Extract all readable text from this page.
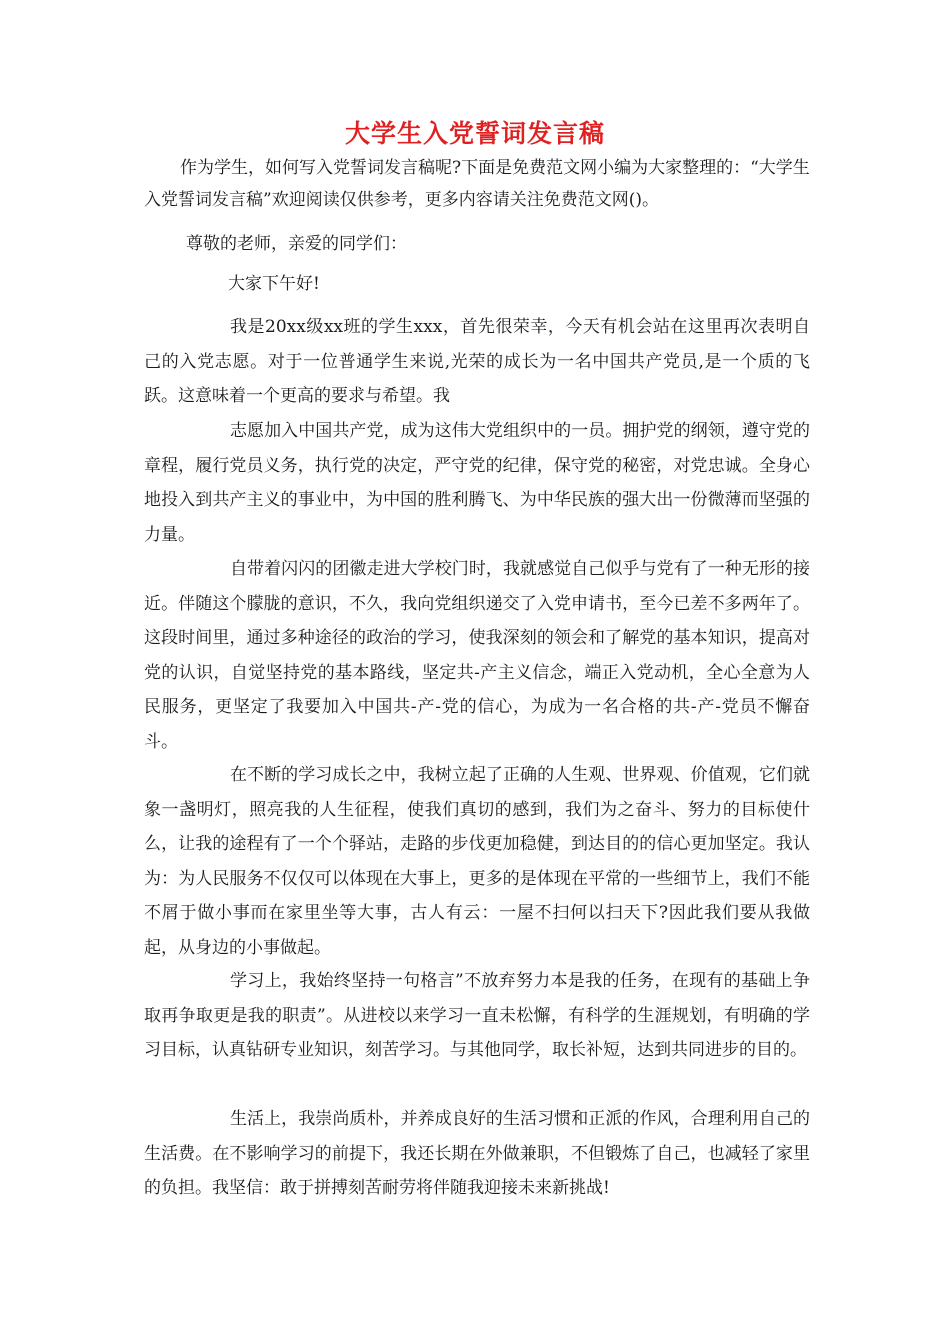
大学生入党誓词发言稿

作为学生，如何写入党誓词发言稿呢?下面是免费范文网小编为大家整理的：“大学生入党誓词发言稿”欢迎阅读仅供参考，更多内容请关注免费范文网()。

尊敬的老师，亲爱的同学们：

大家下午好!

我是20xx级xx班的学生xxx，首先很荣幸，今天有机会站在这里再次表明自己的入党志愿。对于一位普通学生来说,光荣的成长为一名中国共产党员,是一个质的飞跃。这意味着一个更高的要求与希望。我

志愿加入中国共产党，成为这伟大党组织中的一员。拥护党的纲领，遵守党的章程，履行党员义务，执行党的决定，严守党的纪律，保守党的秘密，对党忠诚。全身心地投入到共产主义的事业中，为中国的胜利腾飞、为中华民族的强大出一份微薄而坚强的力量。

自带着闪闪的团徽走进大学校门时，我就感觉自己似乎与党有了一种无形的接近。伴随这个朦胧的意识，不久，我向党组织递交了入党申请书，至今已差不多两年了。这段时间里，通过多种途径的政治的学习，使我深刻的领会和了解党的基本知识，提高对党的认识，自觉坚持党的基本路线，坚定共-产主义信念，端正入党动机，全心全意为人民服务，更坚定了我要加入中国共-产-党的信心，为成为一名合格的共-产-党员不懈奋斗。

在不断的学习成长之中，我树立起了正确的人生观、世界观、价值观，它们就象一盏明灯，照亮我的人生征程，使我们真切的感到，我们为之奋斗、努力的目标使什么，让我的途程有了一个个驿站，走路的步伐更加稳健，到达目的的信心更加坚定。我认为：为人民服务不仅仅可以体现在大事上，更多的是体现在平常的一些细节上，我们不能不屑于做小事而在家里坐等大事，古人有云：一屋不扫何以扫天下?因此我们要从我做起，从身边的小事做起。

学习上，我始终坚持一句格言”不放弃努力本是我的任务，在现有的基础上争取再争取更是我的职责”。从进校以来学习一直未松懈，有科学的生涯规划，有明确的学习目标，认真钻研专业知识，刻苦学习。与其他同学，取长补短，达到共同进步的目的。

生活上，我崇尚质朴，并养成良好的生活习惯和正派的作风，合理利用自己的生活费。在不影响学习的前提下，我还长期在外做兼职，不但锻炼了自己，也减轻了家里的负担。我坚信：敢于拼搏刻苦耐劳将伴随我迎接未来新挑战!
